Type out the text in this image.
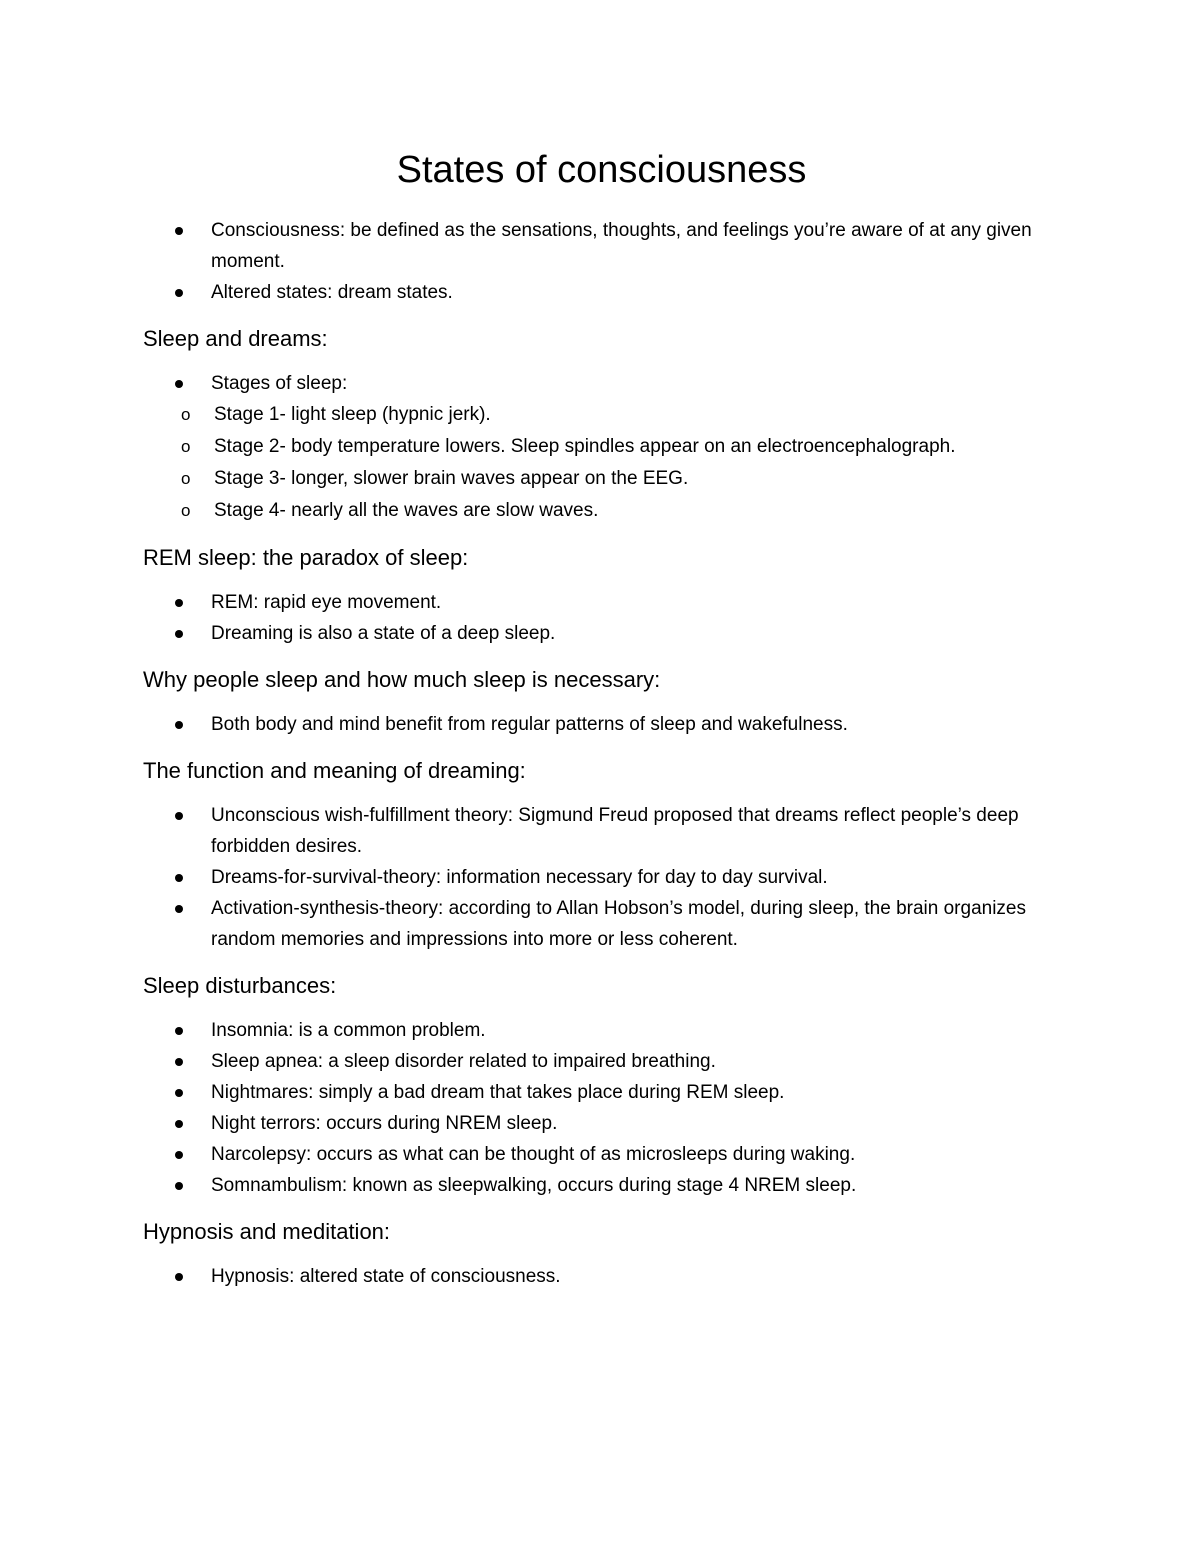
States of consciousness
Consciousness: be defined as the sensations, thoughts, and feelings you’re aware of at any given moment.
Altered states: dream states.
Sleep and dreams:
Stages of sleep:
o Stage 1- light sleep (hypnic jerk).
o Stage 2- body temperature lowers. Sleep spindles appear on an electroencephalograph.
o Stage 3- longer, slower brain waves appear on the EEG.
o Stage 4- nearly all the waves are slow waves.
REM sleep: the paradox of sleep:
REM: rapid eye movement.
Dreaming is also a state of a deep sleep.
Why people sleep and how much sleep is necessary:
Both body and mind benefit from regular patterns of sleep and wakefulness.
The function and meaning of dreaming:
Unconscious wish-fulfillment theory: Sigmund Freud proposed that dreams reflect people’s deep forbidden desires.
Dreams-for-survival-theory: information necessary for day to day survival.
Activation-synthesis-theory: according to Allan Hobson’s model, during sleep, the brain organizes random memories and impressions into more or less coherent.
Sleep disturbances:
Insomnia: is a common problem.
Sleep apnea: a sleep disorder related to impaired breathing.
Nightmares: simply a bad dream that takes place during REM sleep.
Night terrors: occurs during NREM sleep.
Narcolepsy: occurs as what can be thought of as microsleeps during waking.
Somnambulism: known as sleepwalking, occurs during stage 4 NREM sleep.
Hypnosis and meditation:
Hypnosis: altered state of consciousness.
